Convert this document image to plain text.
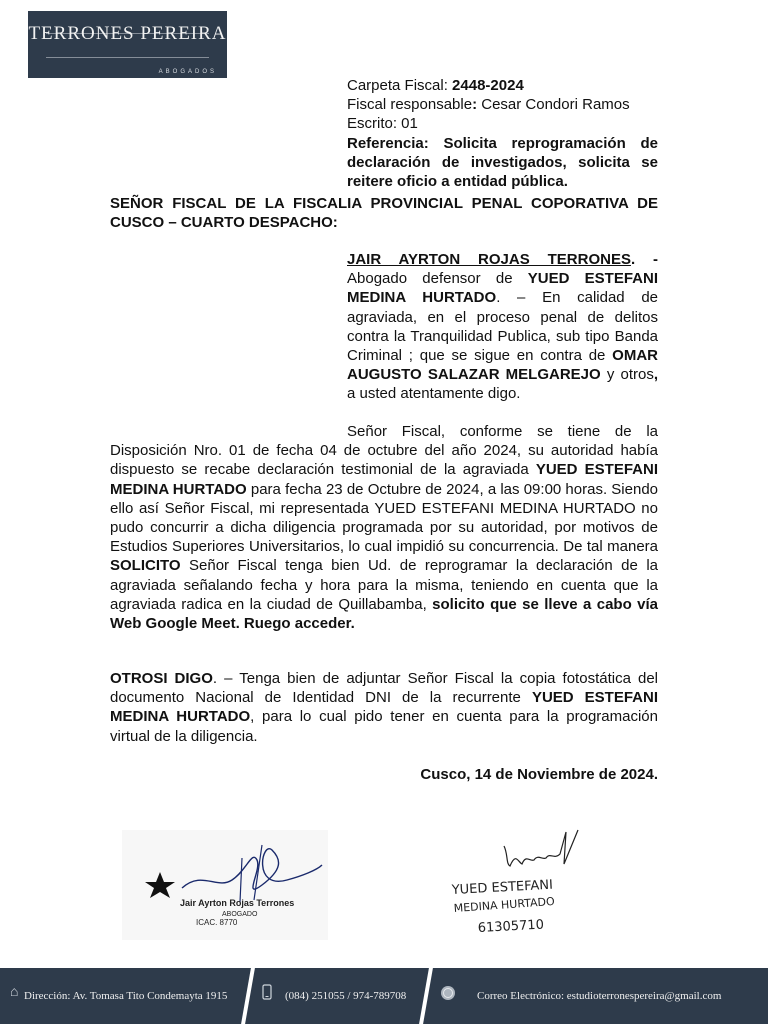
TERRONES PEREIRA
ABOGADOS
Carpeta Fiscal: 2448-2024
Fiscal responsable: Cesar Condori Ramos
Escrito: 01
Referencia: Solicita reprogramación de declaración de investigados, solicita se reitere oficio a entidad pública.
SEÑOR FISCAL DE LA FISCALIA PROVINCIAL PENAL COPORATIVA DE CUSCO – CUARTO DESPACHO:
JAIR AYRTON ROJAS TERRONES. - Abogado defensor de YUED ESTEFANI MEDINA HURTADO. – En calidad de agraviada, en el proceso penal de delitos contra la Tranquilidad Publica, sub tipo Banda Criminal ; que se sigue en contra de OMAR AUGUSTO SALAZAR MELGAREJO y otros, a usted atentamente digo.
Señor Fiscal, conforme se tiene de la Disposición Nro. 01 de fecha 04 de octubre del año 2024, su autoridad había dispuesto se recabe declaración testimonial de la agraviada YUED ESTEFANI MEDINA HURTADO para fecha 23 de Octubre de 2024, a las 09:00 horas. Siendo ello así Señor Fiscal, mi representada YUED ESTEFANI MEDINA HURTADO no pudo concurrir a dicha diligencia programada por su autoridad, por motivos de Estudios Superiores Universitarios, lo cual impidió su concurrencia. De tal manera SOLICITO Señor Fiscal tenga bien Ud. de reprogramar la declaración de la agraviada señalando fecha y hora para la misma, teniendo en cuenta que la agraviada radica en la ciudad de Quillabamba, solicito que se lleve a cabo vía Web Google Meet. Ruego acceder.
OTROSI DIGO. – Tenga bien de adjuntar Señor Fiscal la copia fotostática del documento Nacional de Identidad DNI de la recurrente YUED ESTEFANI MEDINA HURTADO, para lo cual pido tener en cuenta para la programación virtual de la diligencia.
Cusco, 14 de Noviembre de 2024.
Jair Ayrton Rojas Terrones
ABOGADO
ICAC. 8770
YUED ESTEFANI
MEDINA HURTADO
61305710
⌂ Dirección: Av. Tomasa Tito Condemayta 1915	(084) 251055 / 974-789708	Correo Electrónico: estudioterronespereira@gmail.com
